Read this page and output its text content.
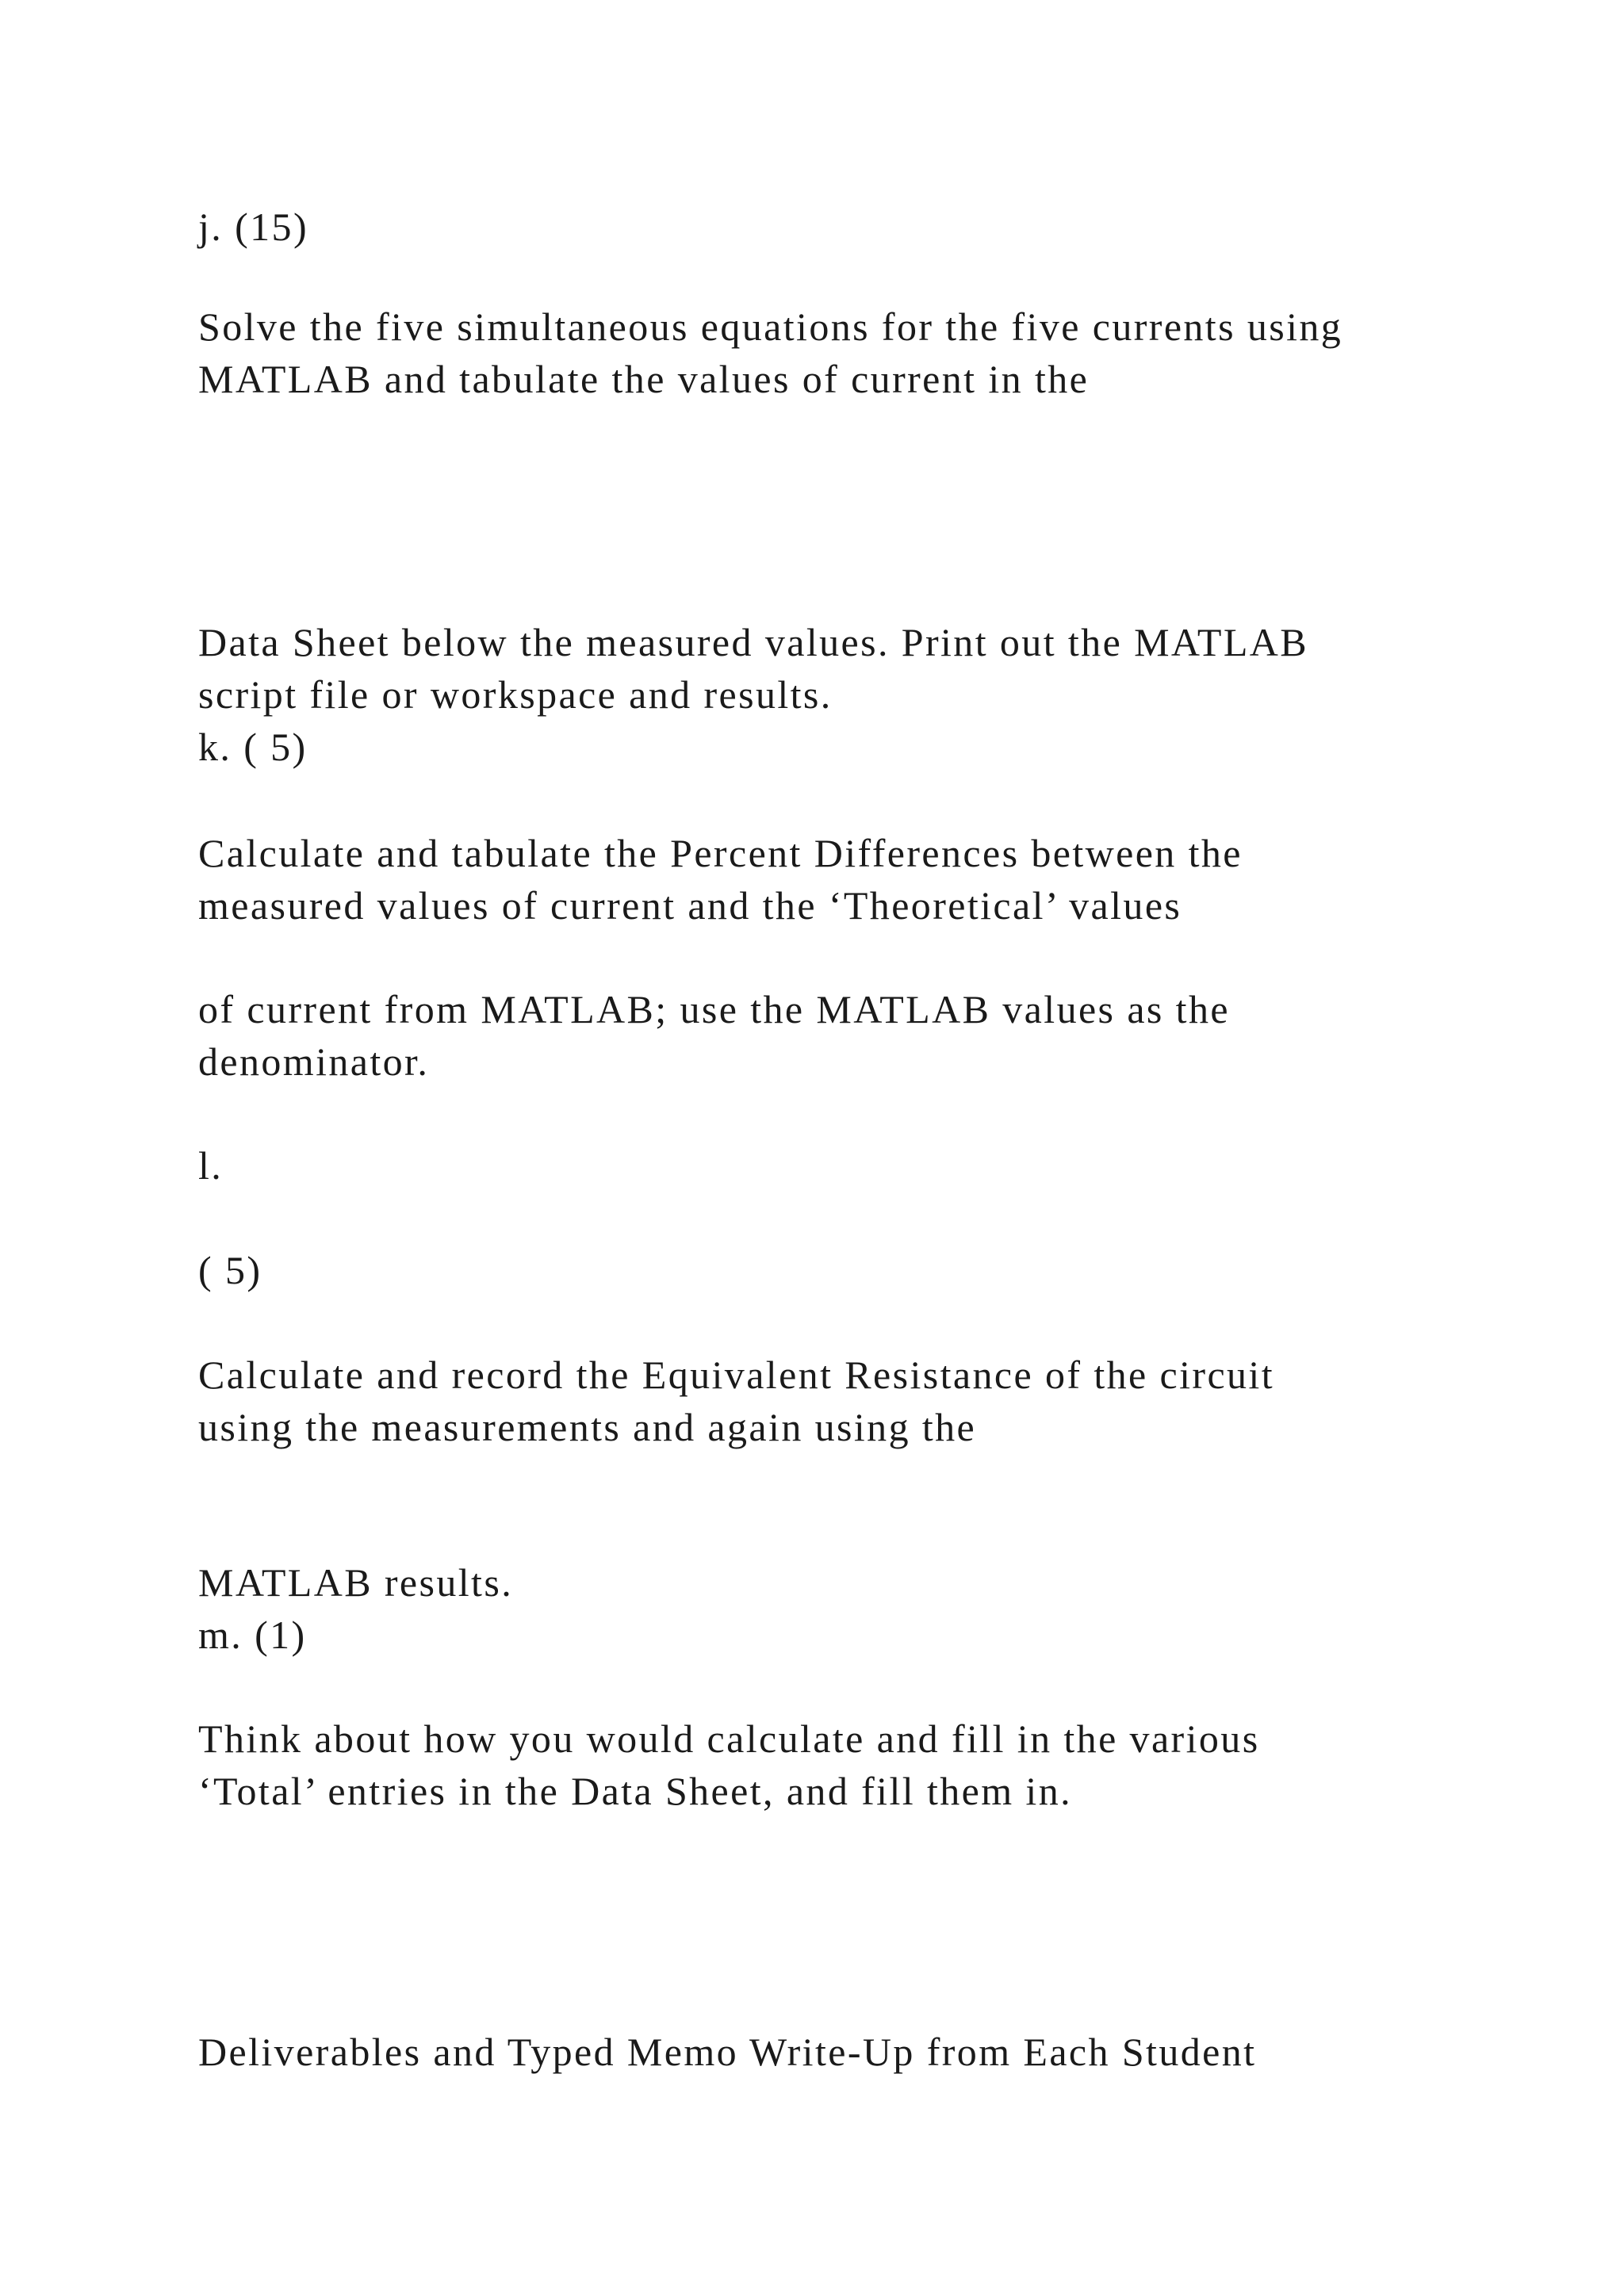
j. (15)

Solve the five simultaneous equations for the five currents using

MATLAB and tabulate the values of current in the

Data Sheet below the measured values. Print out the MATLAB

script file or workspace and results.

k. ( 5)

Calculate and tabulate the Percent Differences between the

measured values of current and the ‘Theoretical’ values

of current from MATLAB; use the MATLAB values as the

denominator.

l.

( 5)

Calculate and record the Equivalent Resistance of the circuit

using the measurements and again using the

MATLAB results.

m. (1)

Think about how you would calculate and fill in the various

‘Total’ entries in the Data Sheet, and fill them in.

Deliverables and Typed Memo Write-Up from Each Student
